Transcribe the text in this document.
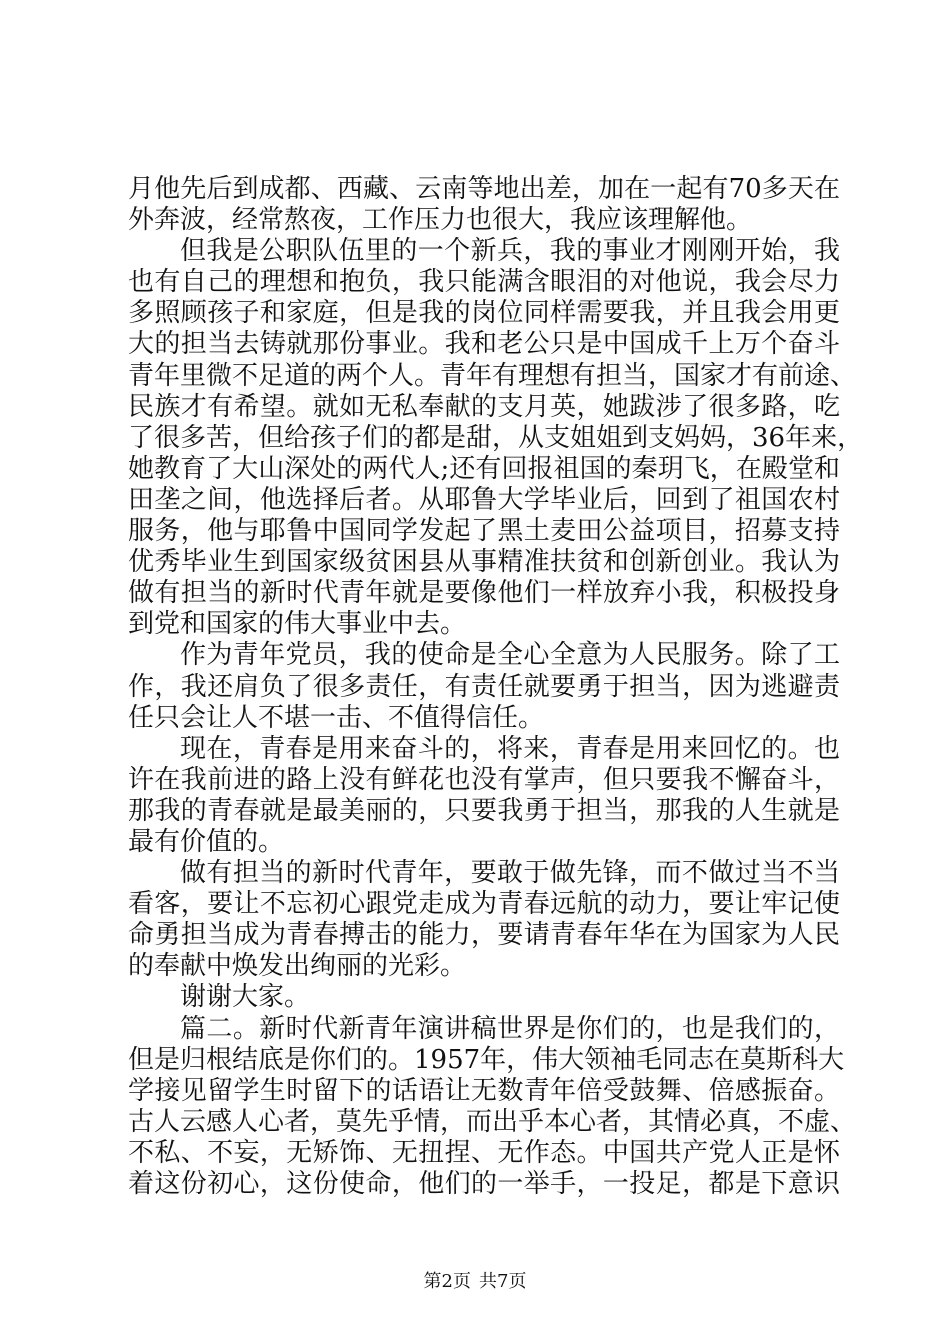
月他先后到成都、西藏、云南等地出差，加在一起有70多天在
外奔波，经常熬夜，工作压力也很大，我应该理解他。
但我是公职队伍里的一个新兵，我的事业才刚刚开始，我
也有自己的理想和抱负，我只能满含眼泪的对他说，我会尽力
多照顾孩子和家庭，但是我的岗位同样需要我，并且我会用更
大的担当去铸就那份事业。我和老公只是中国成千上万个奋斗
青年里微不足道的两个人。青年有理想有担当，国家才有前途、
民族才有希望。就如无私奉献的支月英，她跋涉了很多路，吃
了很多苦，但给孩子们的都是甜，从支姐姐到支妈妈，36年来，
她教育了大山深处的两代人;还有回报祖国的秦玥飞，在殿堂和
田垄之间，他选择后者。从耶鲁大学毕业后，回到了祖国农村
服务，他与耶鲁中国同学发起了黑土麦田公益项目，招募支持
优秀毕业生到国家级贫困县从事精准扶贫和创新创业。我认为
做有担当的新时代青年就是要像他们一样放弃小我，积极投身
到党和国家的伟大事业中去。
作为青年党员，我的使命是全心全意为人民服务。除了工
作，我还肩负了很多责任，有责任就要勇于担当，因为逃避责
任只会让人不堪一击、不值得信任。
现在，青春是用来奋斗的，将来，青春是用来回忆的。也
许在我前进的路上没有鲜花也没有掌声，但只要我不懈奋斗，
那我的青春就是最美丽的，只要我勇于担当，那我的人生就是
最有价值的。
做有担当的新时代青年，要敢于做先锋，而不做过当不当
看客，要让不忘初心跟党走成为青春远航的动力，要让牢记使
命勇担当成为青春搏击的能力，要请青春年华在为国家为人民
的奉献中焕发出绚丽的光彩。
谢谢大家。
篇二。新时代新青年演讲稿世界是你们的，也是我们的，
但是归根结底是你们的。1957年，伟大领袖毛同志在莫斯科大
学接见留学生时留下的话语让无数青年倍受鼓舞、倍感振奋。
古人云感人心者，莫先乎情，而出乎本心者，其情必真，不虚、
不私、不妄，无矫饰、无扭捏、无作态。中国共产党人正是怀
着这份初心，这份使命，他们的一举手，一投足，都是下意识
第2页 共7页
